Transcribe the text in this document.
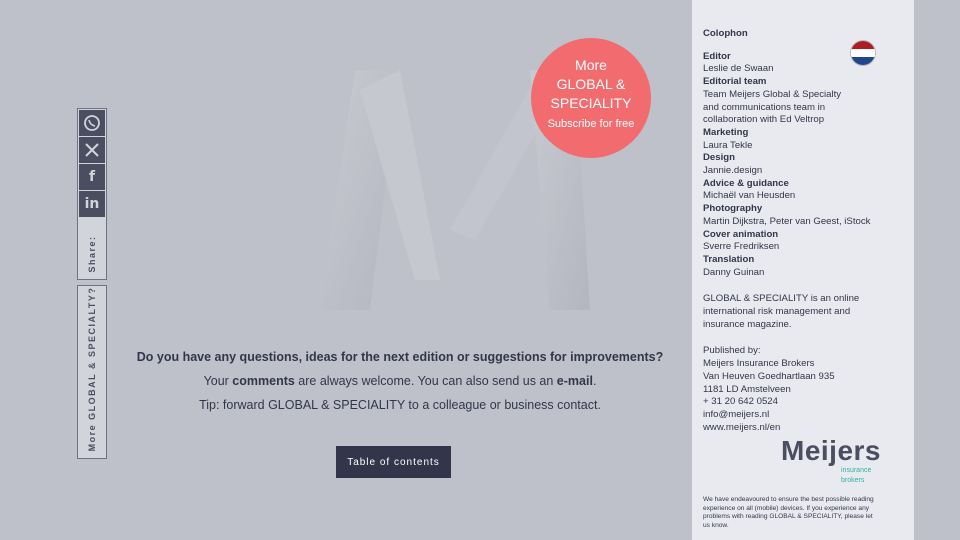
f
in
Share:
More GLOBAL & SPECIALTY?
More
GLOBAL &
SPECIALITY
Subscribe for free
Do you have any questions, ideas for the next edition or suggestions for improvements?
Your comments are always welcome. You can also send us an e-mail.
Tip: forward GLOBAL & SPECIALITY to a colleague or business contact.
Table of contents
Colophon
Editor
Leslie de Swaan
Editorial team
Team Meijers Global & Specialty
and communications team in
collaboration with Ed Veltrop
Marketing
Laura Tekle
Design
Jannie.design
Advice & guidance
Michaël van Heusden
Photography
Martin Dijkstra, Peter van Geest, iStock
Cover animation
Sverre Fredriksen
Translation
Danny Guinan
GLOBAL & SPECIALITY is an online
international risk management and
insurance magazine.
Published by:
Meijers Insurance Brokers
Van Heuven Goedhartlaan 935
1181 LD Amstelveen
+ 31 20 642 0524
info@meijers.nl
www.meijers.nl/en
Meijers
insurance
brokers
We have endeavoured to ensure the best possible reading experience on all (mobile) devices. If you experience any problems with reading GLOBAL & SPECIALITY, please let us know.
